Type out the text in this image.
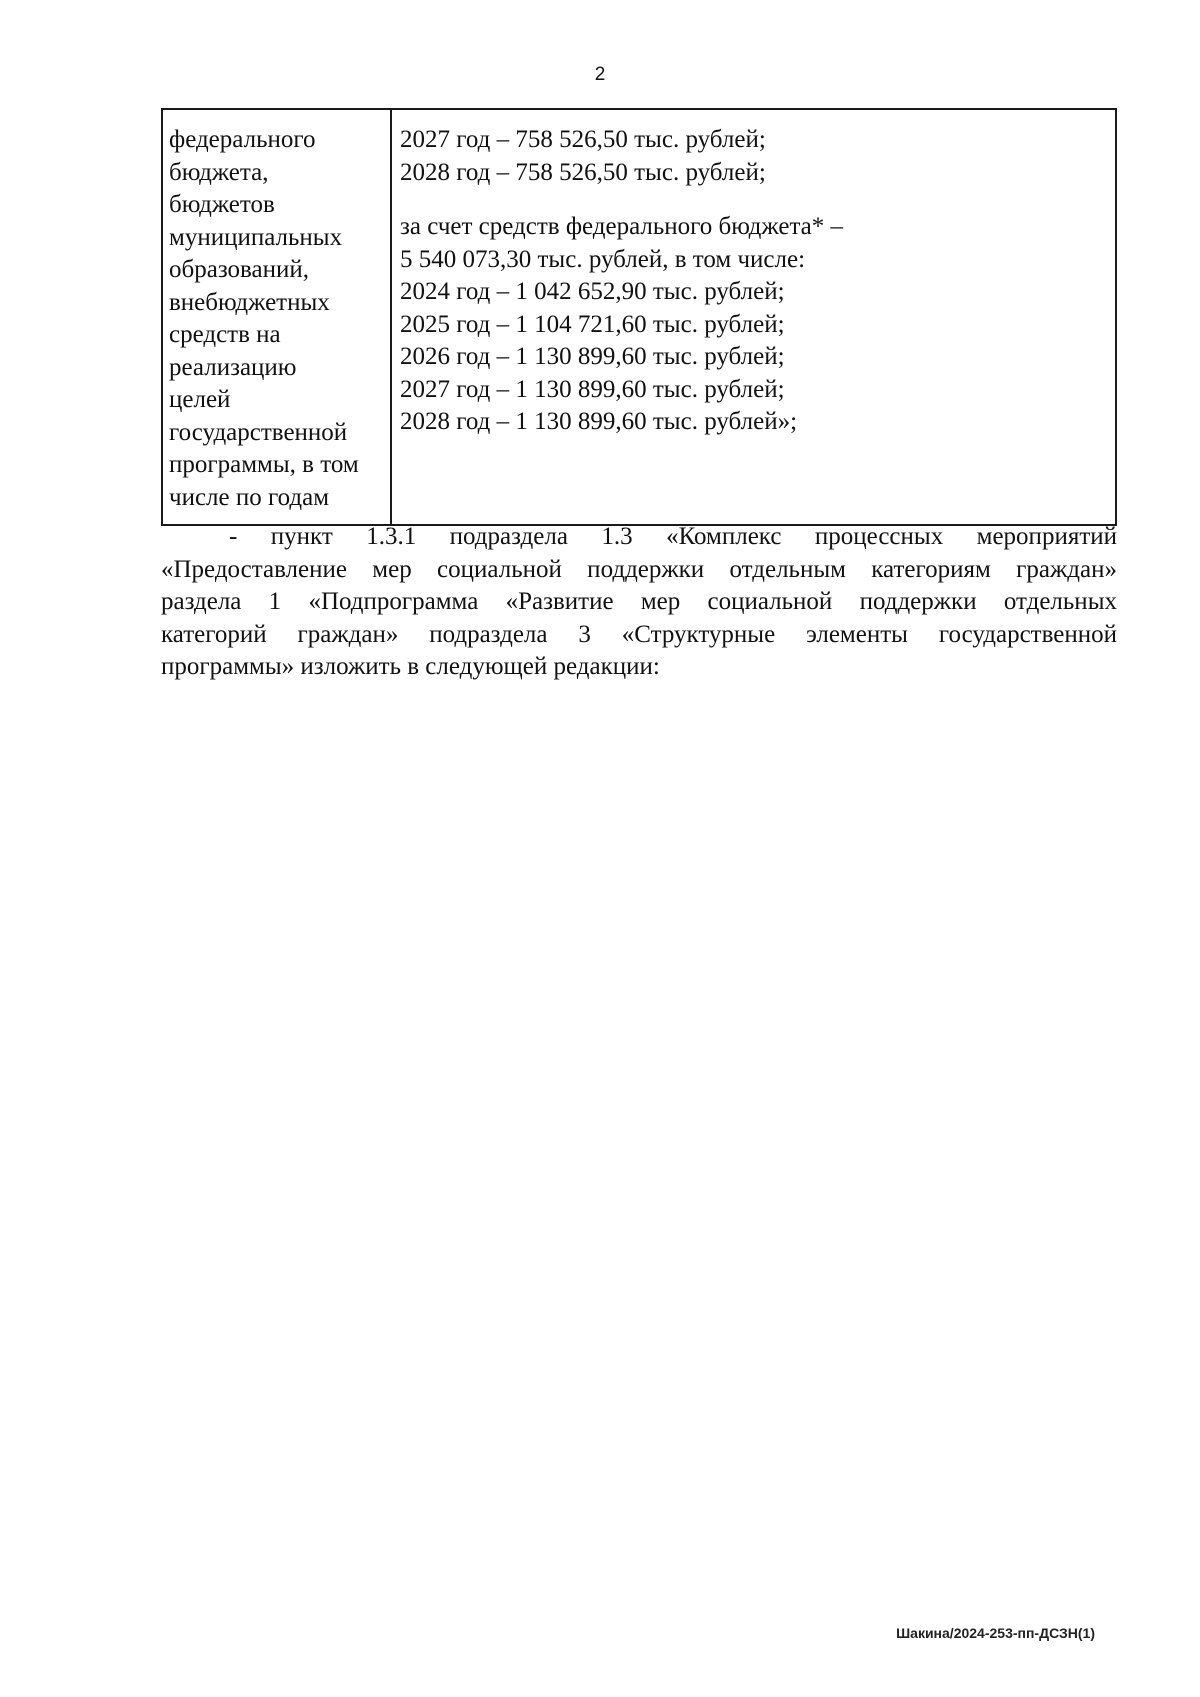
2
федерального
бюджета,
бюджетов
муниципальных
образований,
внебюджетных
средств на
реализацию
целей
государственной
программы, в том
числе по годам
2027 год – 758 526,50 тыс. рублей;
2028 год – 758 526,50 тыс. рублей;
за счет средств федерального бюджета* –
5 540 073,30 тыс. рублей, в том числе:
2024 год – 1 042 652,90 тыс. рублей;
2025 год – 1 104 721,60 тыс. рублей;
2026 год – 1 130 899,60 тыс. рублей;
2027 год – 1 130 899,60 тыс. рублей;
2028 год – 1 130 899,60 тыс. рублей»;
- пункт 1.3.1 подраздела 1.3 «Комплекс процессных мероприятий
«Предоставление мер социальной поддержки отдельным категориям граждан»
раздела 1 «Подпрограмма «Развитие мер социальной поддержки отдельных
категорий граждан» подраздела 3 «Структурные элементы государственной
программы» изложить в следующей редакции:
Шакина/2024-253-пп-ДСЗН(1)
